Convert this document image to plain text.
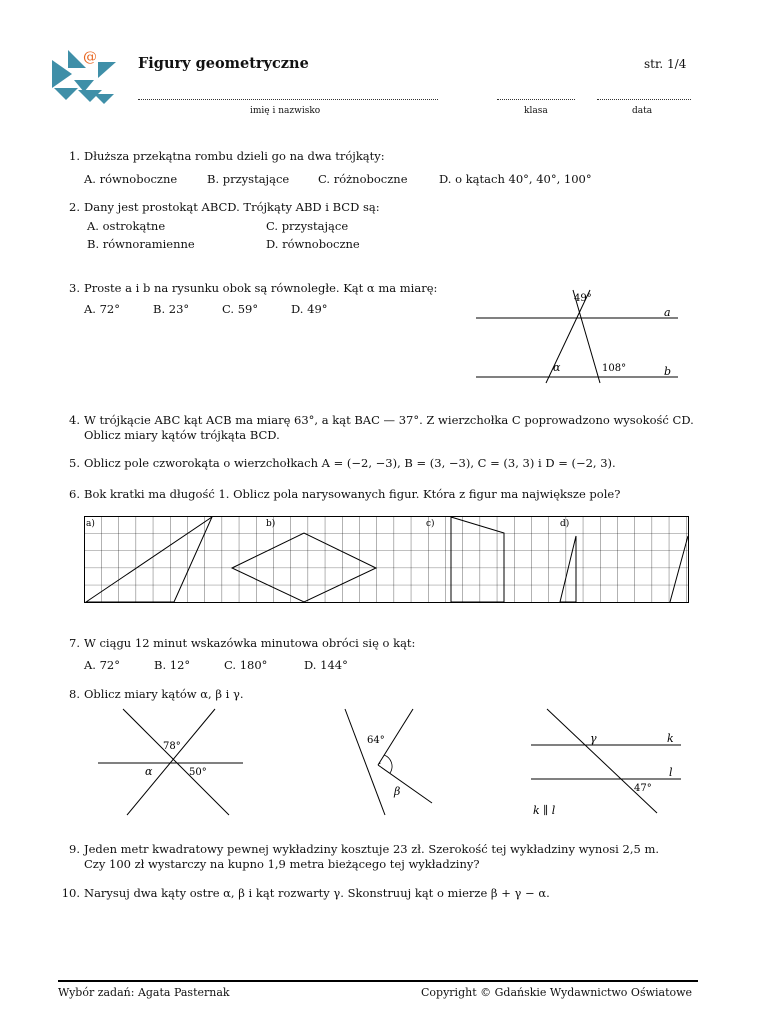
@	Figury geometryczne	str. 1/4
imię i nazwisko	klasa	data
1. Dłuższa przekątna rombu dzieli go na dwa trójkąty:
A. równoboczne	B. przystające	C. różnoboczne	D. o kątach 40°, 40°, 100°
2. Dany jest prostokąt ABCD. Trójkąty ABD i BCD są:
A. ostrokątne	C. przystające
B. równoramienne	D. równoboczne
3. Proste a i b na rysunku obok są równoległe. Kąt α ma miarę:
A. 72°	B. 23°	C. 59°	D. 49°
49°
a
b
α	108°
4. W trójkącie ABC kąt ACB ma miarę 63°, a kąt BAC — 37°. Z wierzchołka C poprowadzono wysokość CD.
Oblicz miary kątów trójkąta BCD.
5. Oblicz pole czworokąta o wierzchołkach A = (−2, −3), B = (3, −3), C = (3, 3) i D = (−2, 3).
6. Bok kratki ma długość 1. Oblicz pola narysowanych figur. Która z figur ma największe pole?
a)	b)	c)	d)
7. W ciągu 12 minut wskazówka minutowa obróci się o kąt:
A. 72°	B. 12°	C. 180°	D. 144°
8. Oblicz miary kątów α, β i γ.
78°
α	50°
64°
·
β
γ	k
l
47°
k ∥ l
9. Jeden metr kwadratowy pewnej wykładziny kosztuje 23 zł. Szerokość tej wykładziny wynosi 2,5 m.
Czy 100 zł wystarczy na kupno 1,9 metra bieżącego tej wykładziny?
10. Narysuj dwa kąty ostre α, β i kąt rozwarty γ. Skonstruuj kąt o mierze β + γ − α.
Wybór zadań: Agata Pasternak	Copyright © Gdańskie Wydawnictwo Oświatowe
